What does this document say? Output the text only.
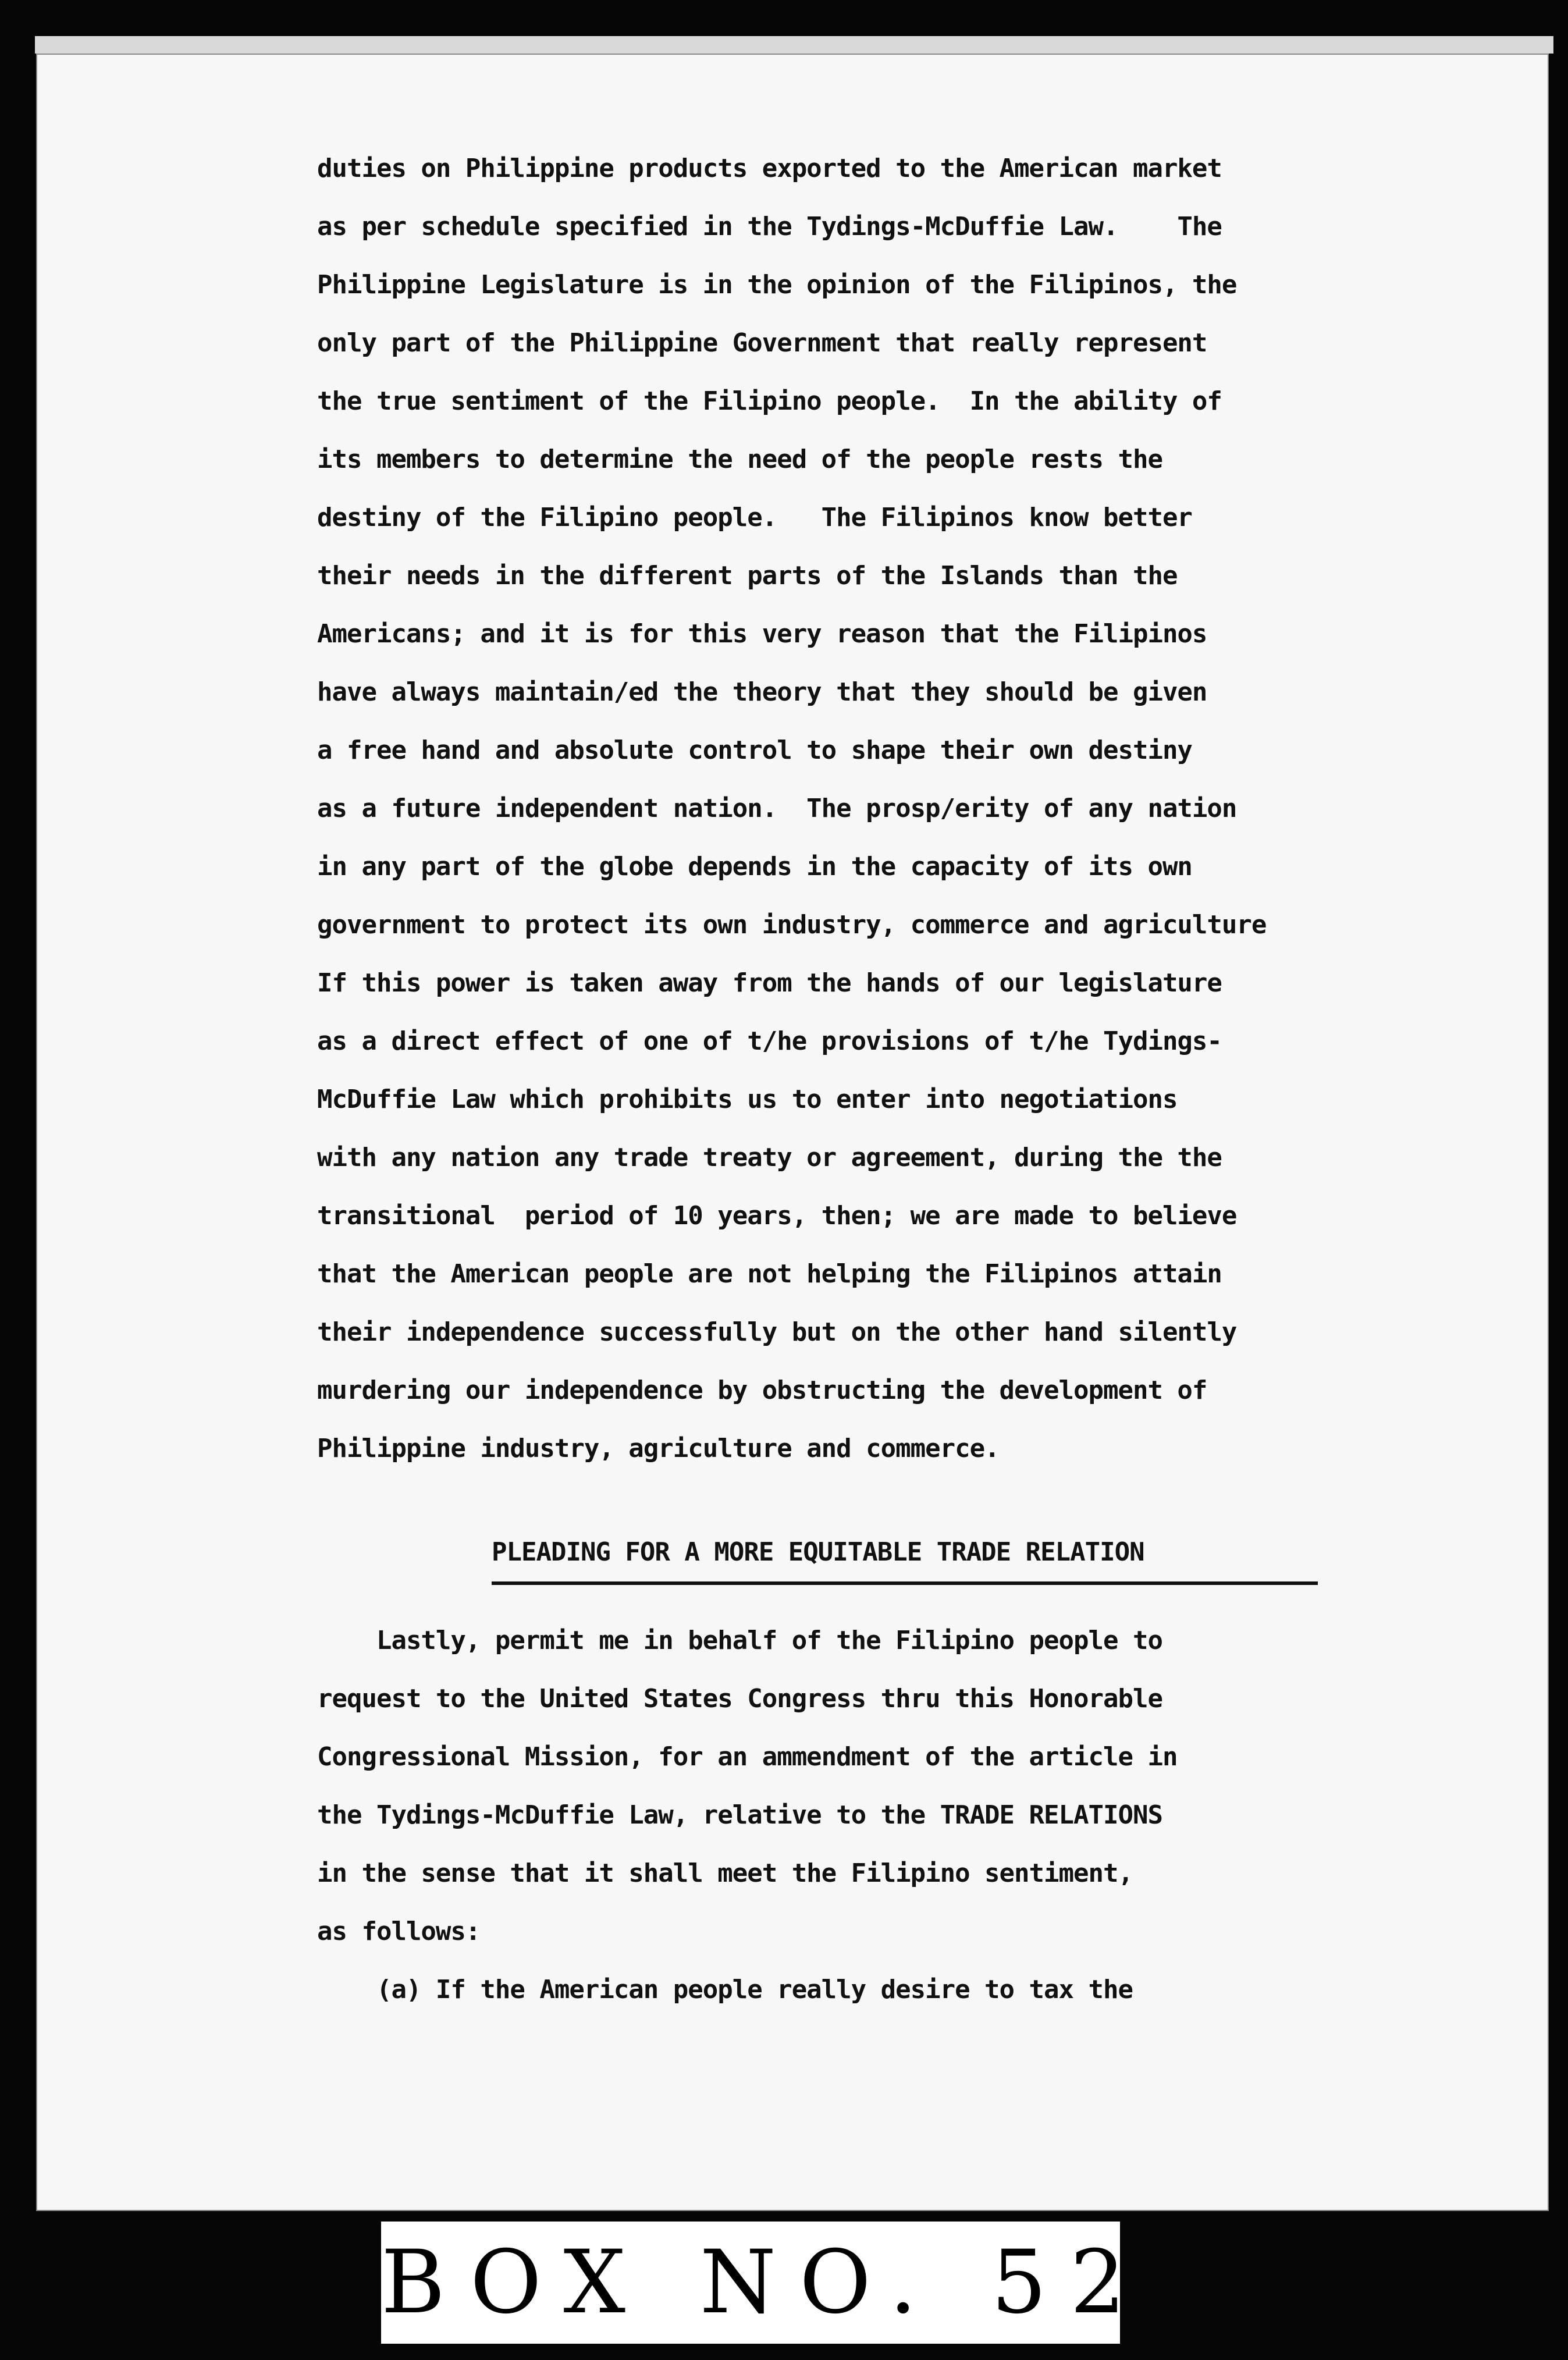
duties on Philippine products exported to the American market
as per schedule specified in the Tydings-McDuffie Law.    The
Philippine Legislature is in the opinion of the Filipinos, the
only part of the Philippine Government that really represent
the true sentiment of the Filipino people.  In the ability of
its members to determine the need of the people rests the
destiny of the Filipino people.   The Filipinos know better
their needs in the different parts of the Islands than the
Americans; and it is for this very reason that the Filipinos
have always maintain/ed the theory that they should be given
a free hand and absolute control to shape their own destiny
as a future independent nation.  The prosp/erity of any nation
in any part of the globe depends in the capacity of its own
government to protect its own industry, commerce and agriculture
If this power is taken away from the hands of our legislature
as a direct effect of one of t/he provisions of t/he Tydings-
McDuffie Law which prohibits us to enter into negotiations
with any nation any trade treaty or agreement, during the the
transitional  period of 10 years, then; we are made to believe
that the American people are not helping the Filipinos attain
their independence successfully but on the other hand silently
murdering our independence by obstructing the development of
Philippine industry, agriculture and commerce.
PLEADING FOR A MORE EQUITABLE TRADE RELATION
Lastly, permit me in behalf of the Filipino people to
request to the United States Congress thru this Honorable
Congressional Mission, for an ammendment of the article in
the Tydings-McDuffie Law, relative to the TRADE RELATIONS
in the sense that it shall meet the Filipino sentiment,
as follows:
(a) If the American people really desire to tax the
BOX NO. 52
